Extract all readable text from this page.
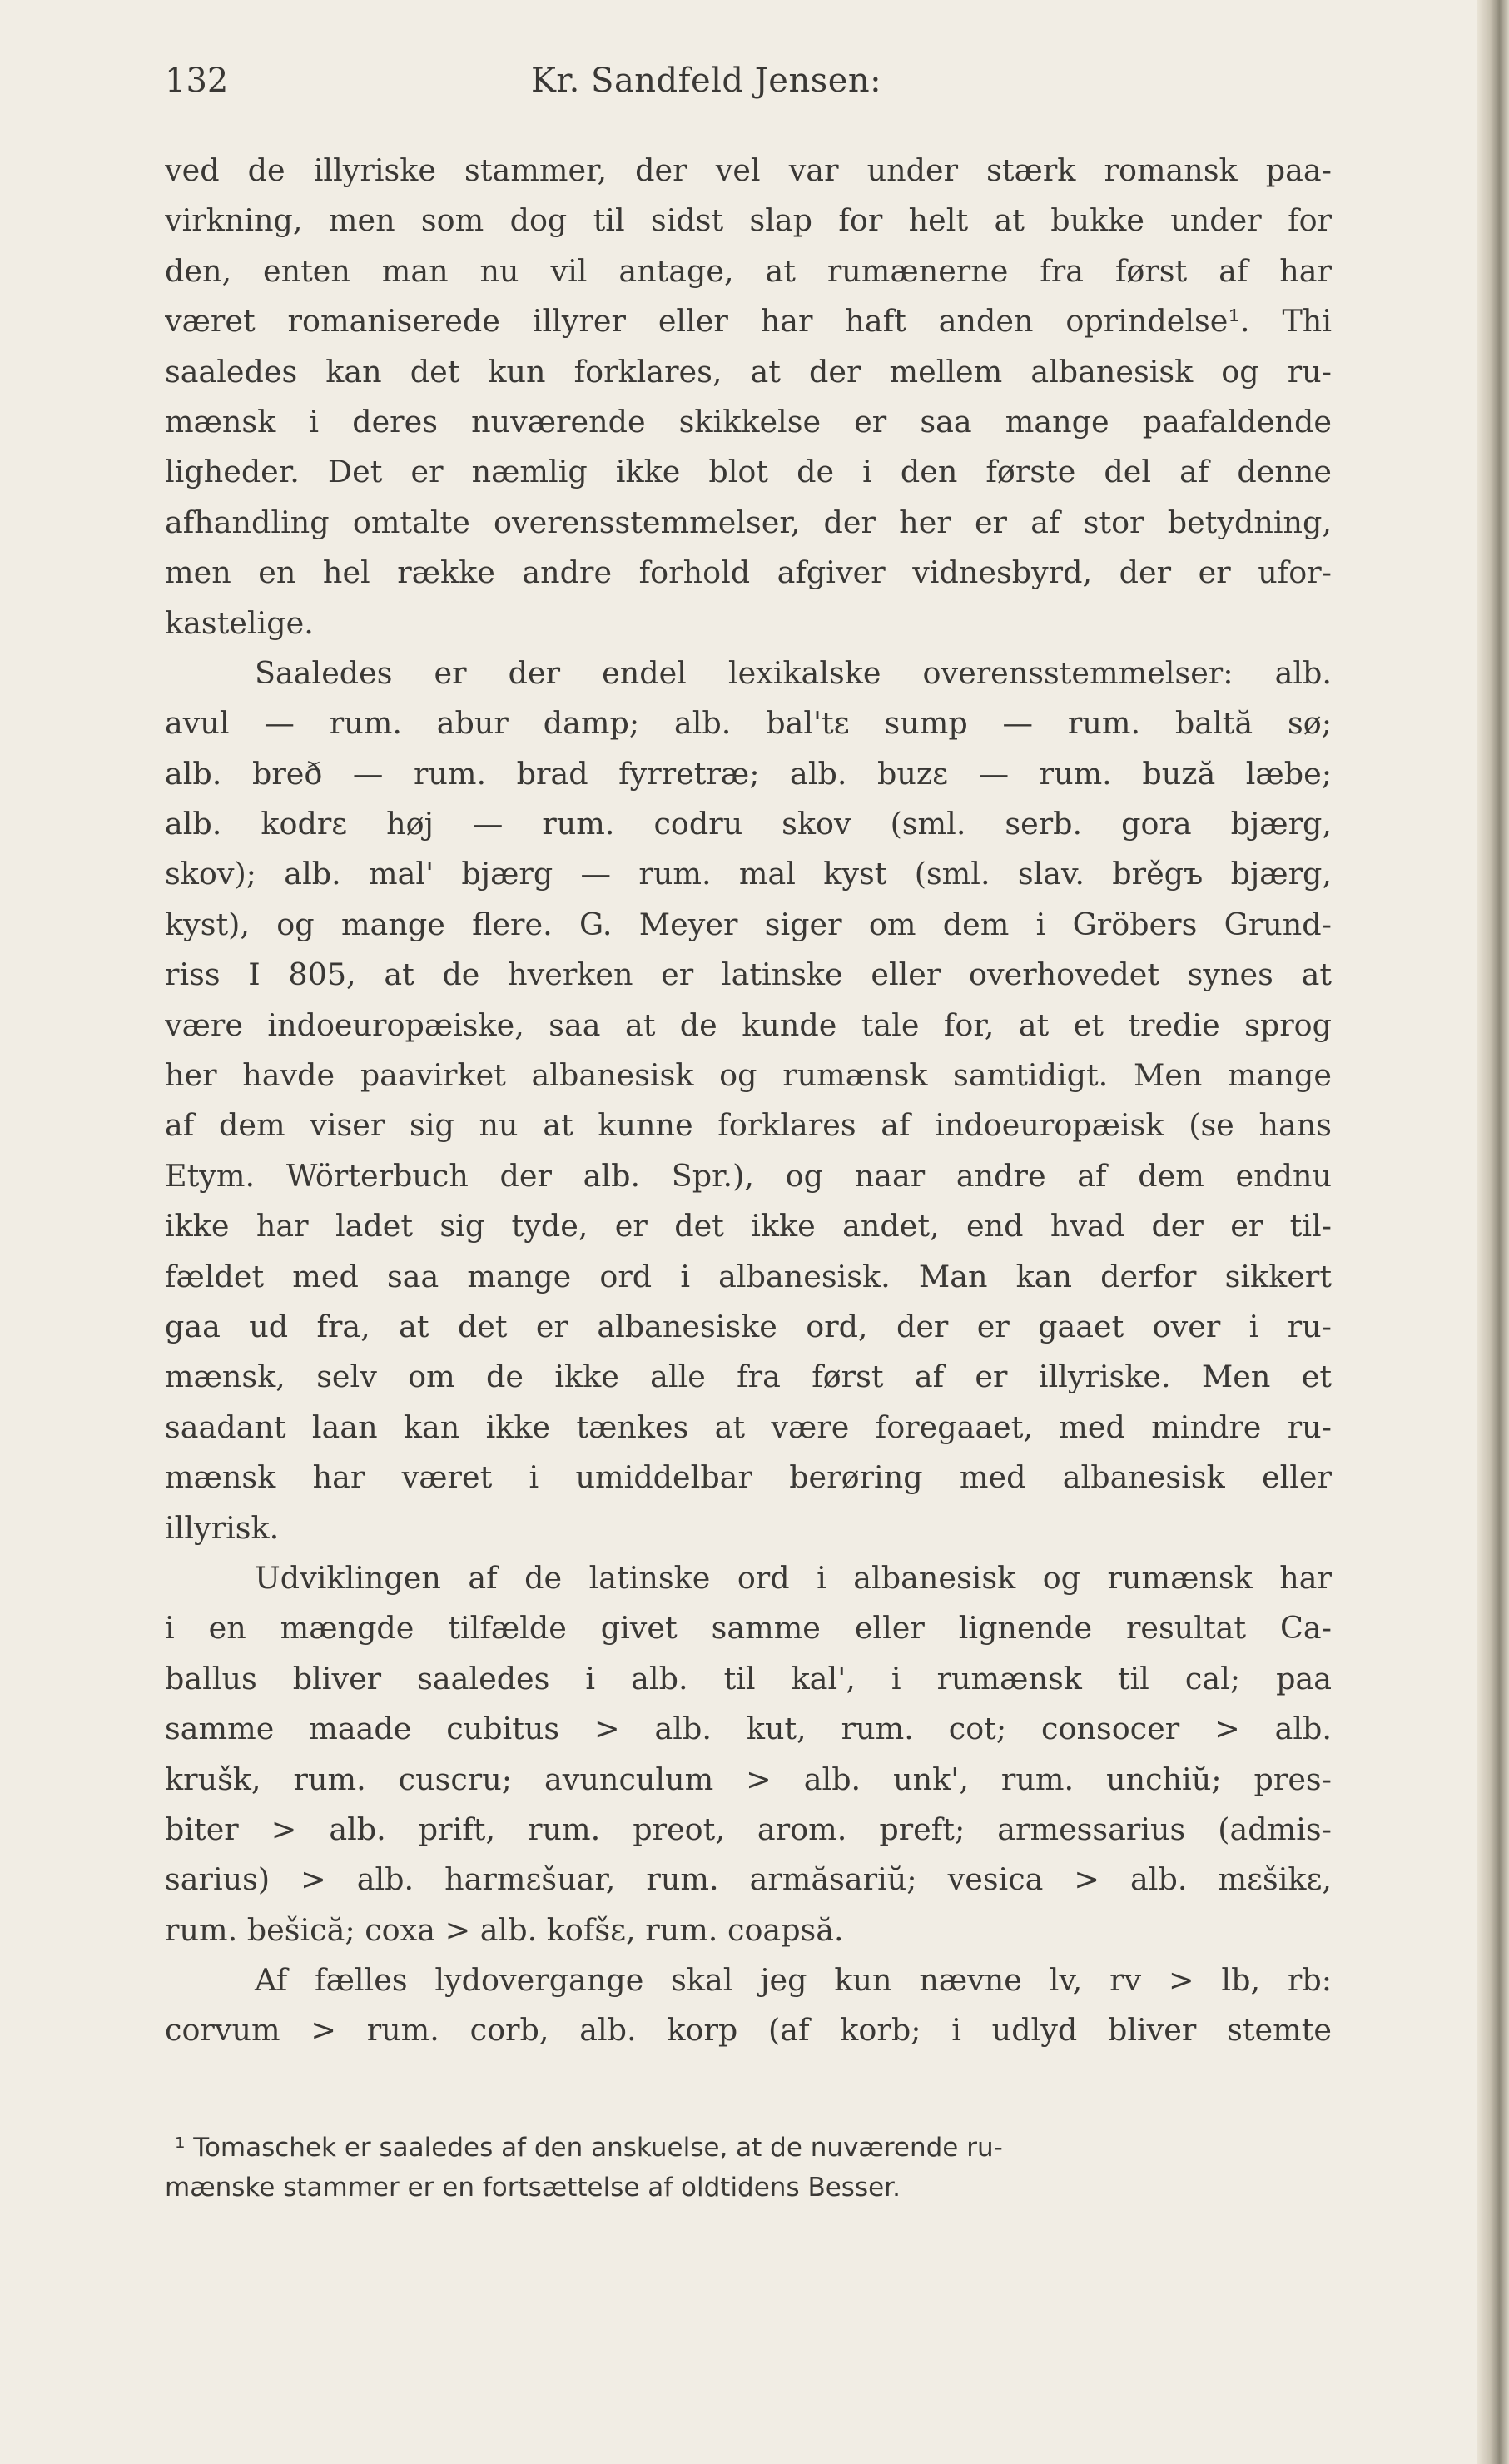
132	Kr. Sandfeld Jensen:
ved de illyriske stammer, der vel var under stærk romansk paa-
virkning, men som dog til sidst slap for helt at bukke under for
den, enten man nu vil antage, at rumænerne fra først af har
været romaniserede illyrer eller har haft anden oprindelse¹. Thi
saaledes kan det kun forklares, at der mellem albanesisk og ru-
mænsk i deres nuværende skikkelse er saa mange paafaldende
ligheder. Det er næmlig ikke blot de i den første del af denne
afhandling omtalte overensstemmelser, der her er af stor betydning,
men en hel række andre forhold afgiver vidnesbyrd, der er ufor-
kastelige.
Saaledes er der endel lexikalske overensstemmelser: alb.
avul — rum. abur damp; alb. bal'tε sump — rum. baltă sø;
alb. breð — rum. brad fyrretræ; alb. buzε — rum. buză læbe;
alb. kodrε høj — rum. codru skov (sml. serb. gora bjærg,
skov); alb. mal' bjærg — rum. mal kyst (sml. slav. brěgъ bjærg,
kyst), og mange flere. G. Meyer siger om dem i Gröbers Grund-
riss I 805, at de hverken er latinske eller overhovedet synes at
være indoeuropæiske, saa at de kunde tale for, at et tredie sprog
her havde paavirket albanesisk og rumænsk samtidigt. Men mange
af dem viser sig nu at kunne forklares af indoeuropæisk (se hans
Etym. Wörterbuch der alb. Spr.), og naar andre af dem endnu
ikke har ladet sig tyde, er det ikke andet, end hvad der er til-
fældet med saa mange ord i albanesisk. Man kan derfor sikkert
gaa ud fra, at det er albanesiske ord, der er gaaet over i ru-
mænsk, selv om de ikke alle fra først af er illyriske. Men et
saadant laan kan ikke tænkes at være foregaaet, med mindre ru-
mænsk har været i umiddelbar berøring med albanesisk eller
illyrisk.
Udviklingen af de latinske ord i albanesisk og rumænsk har
i en mængde tilfælde givet samme eller lignende resultat Ca-
ballus bliver saaledes i alb. til kal', i rumænsk til cal; paa
samme maade cubitus > alb. kut, rum. cot; consocer > alb.
krušk, rum. cuscru; avunculum > alb. unk', rum. unchiŭ; pres-
biter > alb. prift, rum. preot, arom. preft; armessarius (admis-
sarius) > alb. harmεšuar, rum. armăsariŭ; vesica > alb. mεšikε,
rum. bešică; coxa > alb. kofšε, rum. coapsă.
Af fælles lydovergange skal jeg kun nævne lv, rv > lb, rb:
corvum > rum. corb, alb. korp (af korb; i udlyd bliver stemte
¹ Tomaschek er saaledes af den anskuelse, at de nuværende ru-
mænske stammer er en fortsættelse af oldtidens Besser.
